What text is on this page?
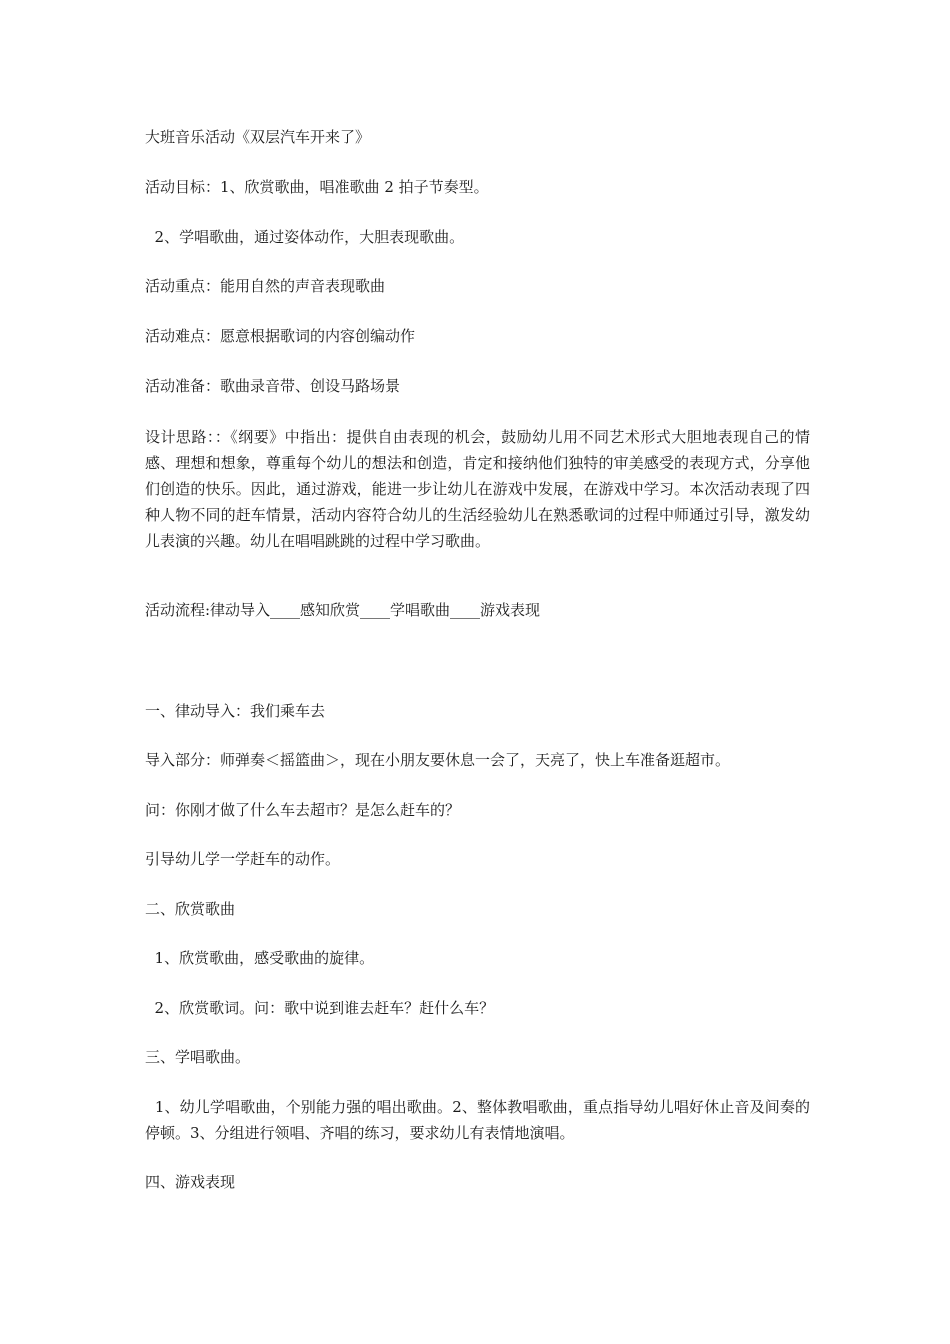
大班音乐活动《双层汽车开来了》
活动目标：1、欣赏歌曲，唱准歌曲 2 拍子节奏型。
2、学唱歌曲，通过姿体动作，大胆表现歌曲。
活动重点：能用自然的声音表现歌曲
活动难点：愿意根据歌词的内容创编动作
活动准备：歌曲录音带、创设马路场景
设计思路：：《纲要》中指出：提供自由表现的机会，鼓励幼儿用不同艺术形式大胆地表现自己的情感、理想和想象，尊重每个幼儿的想法和创造，肯定和接纳他们独特的审美感受的表现方式，分享他们创造的快乐。因此，通过游戏，能进一步让幼儿在游戏中发展，在游戏中学习。本次活动表现了四种人物不同的赶车情景，活动内容符合幼儿的生活经验幼儿在熟悉歌词的过程中师通过引导，激发幼儿表演的兴趣。幼儿在唱唱跳跳的过程中学习歌曲。
活动流程:律动导入____感知欣赏____学唱歌曲____游戏表现
一、律动导入：我们乘车去
导入部分：师弹奏＜摇篮曲＞，现在小朋友要休息一会了，天亮了，快上车准备逛超市。
问：你刚才做了什么车去超市？是怎么赶车的？
引导幼儿学一学赶车的动作。
二、欣赏歌曲
1、欣赏歌曲，感受歌曲的旋律。
2、欣赏歌词。问：歌中说到谁去赶车？赶什么车？
三、学唱歌曲。
1、幼儿学唱歌曲，个别能力强的唱出歌曲。2、整体教唱歌曲，重点指导幼儿唱好休止音及间奏的停顿。3、分组进行领唱、齐唱的练习，要求幼儿有表情地演唱。
四、游戏表现
